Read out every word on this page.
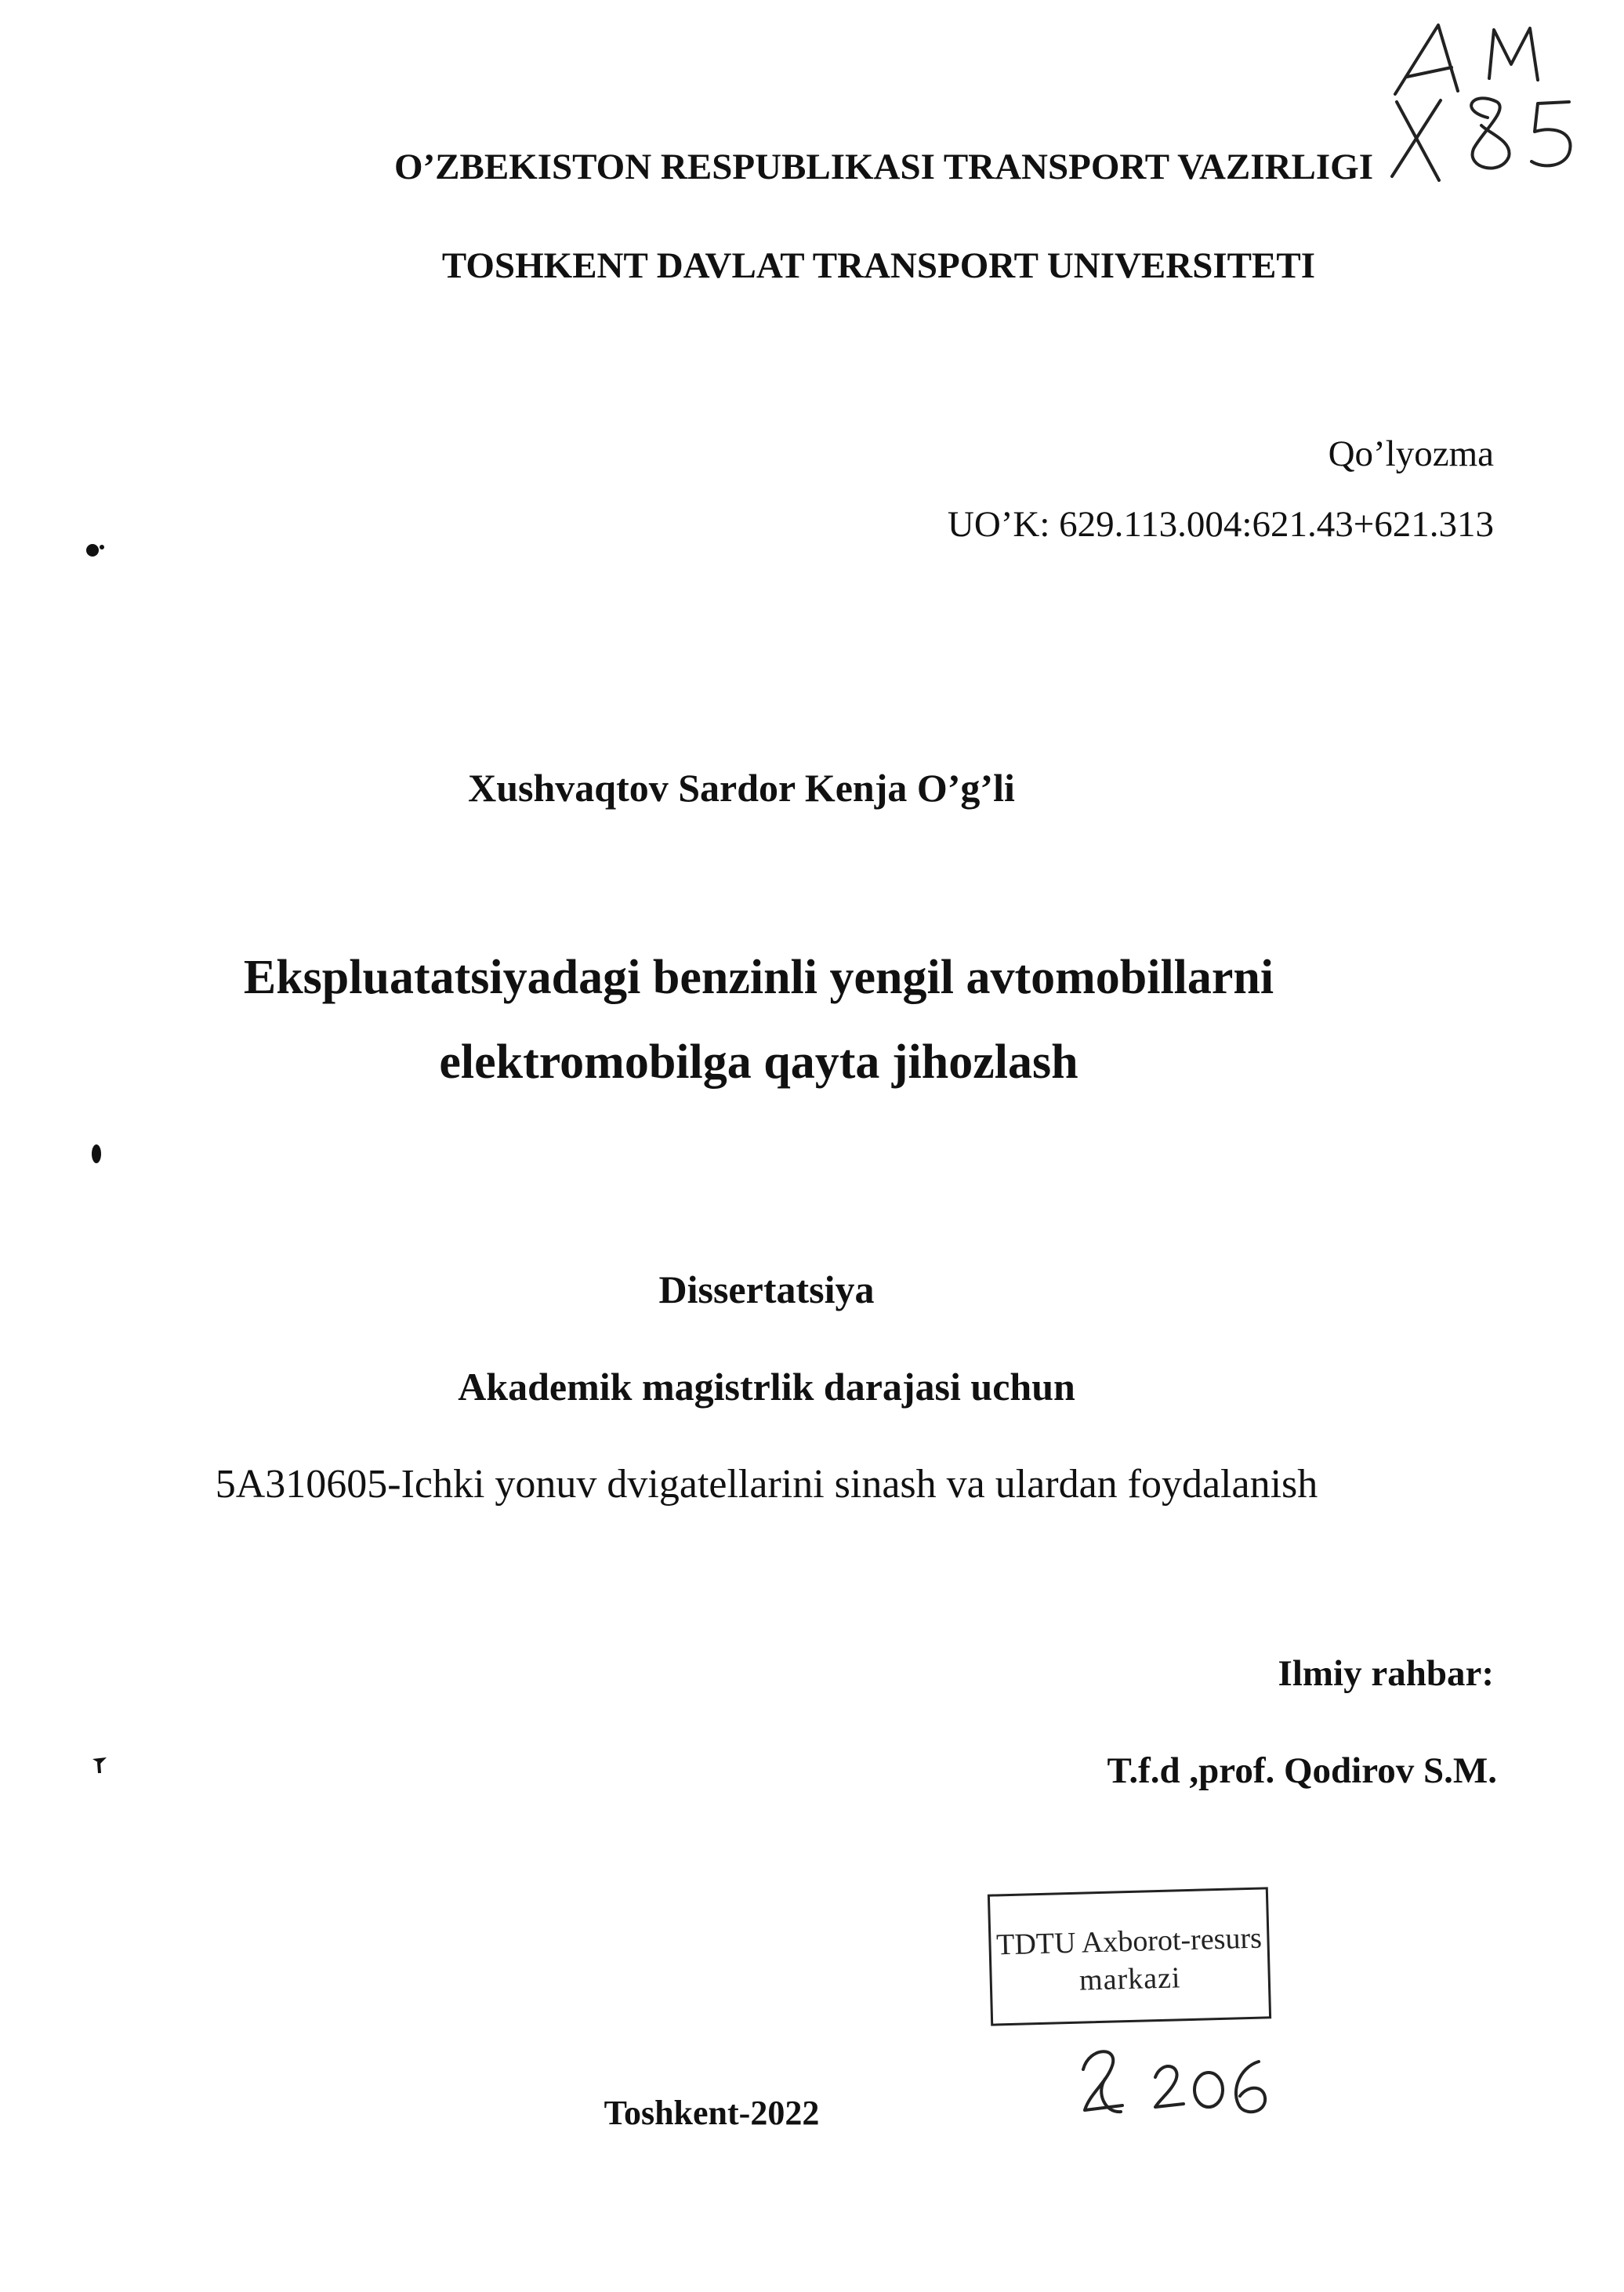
O’ZBEKISTON RESPUBLIKASI TRANSPORT VAZIRLIGI
TOSHKENT DAVLAT TRANSPORT UNIVERSITETI
Qo’lyozma
UO’K: 629.113.004:621.43+621.313
Xushvaqtov Sardor Kenja O’g’li
Ekspluatatsiyadagi benzinli yengil avtomobillarni
elektromobilga qayta jihozlash
Dissertatsiya
Akademik magistrlik darajasi uchun
5A310605-Ichki yonuv dvigatellarini sinash va ulardan foydalanish
Ilmiy rahbar:
T.f.d ,prof. Qodirov S.M.
TDTU Axborot-resurs
markazi
Toshkent-2022
